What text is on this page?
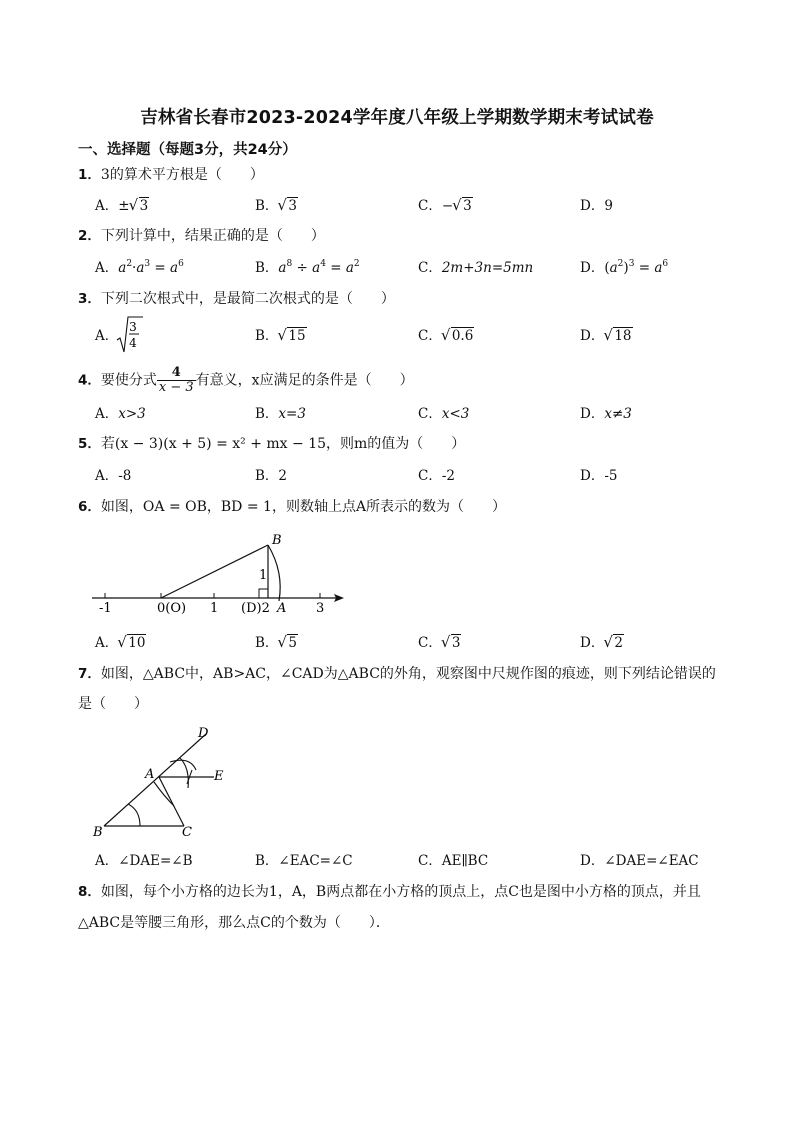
吉林省长春市2023-2024学年度八年级上学期数学期末考试试卷
一、选择题（每题3分，共24分）
1．3的算术平方根是（　　）
A．± √ 3	B． √ 3	C．− √ 3	D．9
2．下列计算中，结果正确的是（　　）
A．$a^2\cdot a^3 = a^6$	B．$a^8 \div a^4 = a^2$	C．2m+3n=5mn	D．$(a^2)^3 = a^6$
3．下列二次根式中，是最简二次根式的是（　　）
A．
3
4	B． √ 15	C． √ 0.6	D． √ 18
4．要使分式 $\frac{4}{x - 3}$ 有意义，x应满足的条件是（　　）
A．x>3	B．x=3	C．x<3	D．x≠3
5．若(x − 3)(x + 5) = x² + mx − 15，则m的值为（　　）
A．-8	B．2	C．-2	D．-5
6．如图，OA = OB，BD = 1，则数轴上点A所表示的数为（　　）
B
1
-1	0(O) 1 (D)2 A 3
A． √ 10	B． √ 5	C． √ 3	D． √ 2
7．如图，△ABC中，AB>AC，∠CAD为△ABC的外角，观察图中尺规作图的痕迹，则下列结论错误的
是（　　）
D
A	E
B	C
A．∠DAE=∠B	B．∠EAC=∠C	C．AE∥BC	D．∠DAE=∠EAC
8．如图，每个小方格的边长为1，A，B两点都在小方格的顶点上，点C也是图中小方格的顶点，并且
△ABC是等腰三角形，那么点C的个数为（　　）．
